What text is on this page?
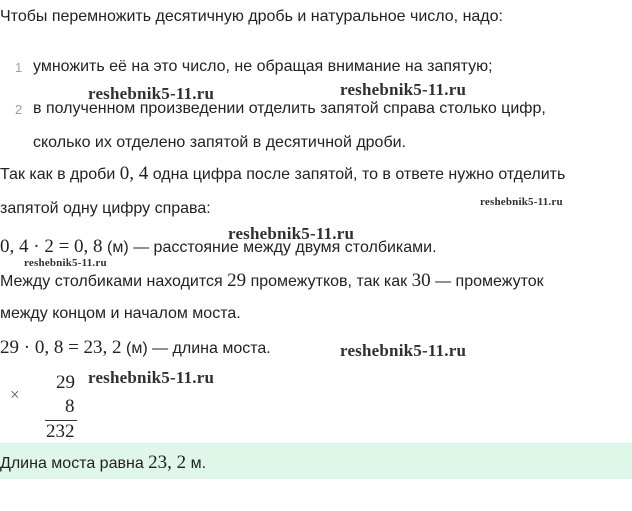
Чтобы перемножить десятичную дробь и натуральное число, надо:
1 умножить её на это число, не обращая внимание на запятую;
2 в полученном произведении отделить запятой справа столько цифр,
сколько их отделено запятой в десятичной дроби.
Так как в дроби 0, 4 одна цифра после запятой, то в ответе нужно отделить
запятой одну цифру справа:
0, 4 · 2 = 0, 8 (м) — расстояние между двумя столбиками.
Между столбиками находится 29 промежутков, так как 30 — промежуток
между концом и началом моста.
29 · 0, 8 = 23, 2 (м) — длина моста.
×
29
8
232
Длина моста равна 23, 2 м.
reshebnik5-11.ru	reshebnik5-11.ru
reshebnik5-11.ru
reshebnik5-11.ru
reshebnik5-11.ru
reshebnik5-11.ru
reshebnik5-11.ru
